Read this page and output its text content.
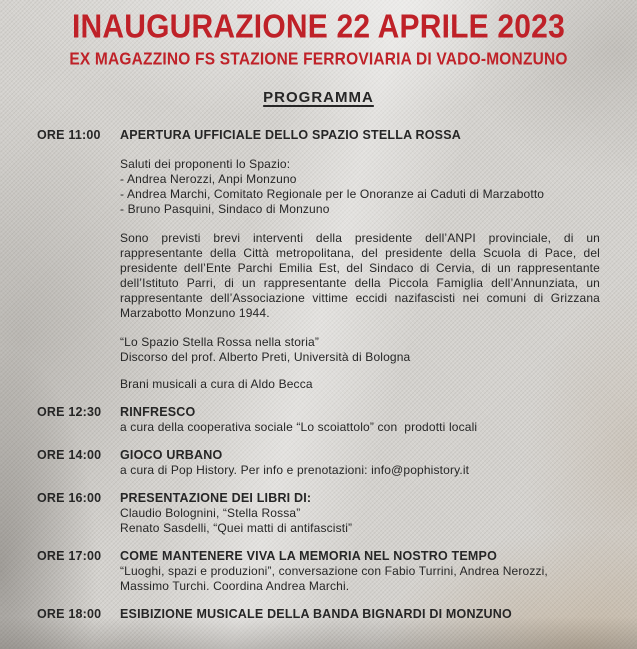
INAUGURAZIONE 22 APRILE 2023
EX MAGAZZINO FS STAZIONE FERROVIARIA DI VADO-MONZUNO
PROGRAMMA
ORE 11:00	APERTURA UFFICIALE DELLO SPAZIO STELLA ROSSA
Saluti dei proponenti lo Spazio:
- Andrea Nerozzi, Anpi Monzuno
- Andrea Marchi, Comitato Regionale per le Onoranze ai Caduti di Marzabotto
- Bruno Pasquini, Sindaco di Monzuno
Sono previsti brevi interventi della presidente dell’ANPI provinciale, di un rappresentante della Città metropolitana, del presidente della Scuola di Pace, del presidente dell’Ente Parchi Emilia Est, del Sindaco di Cervia, di un rappresentante dell’Istituto Parri, di un rappresentante della Piccola Famiglia dell’Annunziata, un rappresentante dell’Associazione vittime eccidi nazifascisti nei comuni di Grizzana Marzabotto Monzuno 1944.
“Lo Spazio Stella Rossa nella storia”
Discorso del prof. Alberto Preti, Università di Bologna
Brani musicali a cura di Aldo Becca
ORE 12:30	RINFRESCO
a cura della cooperativa sociale “Lo scoiattolo” con  prodotti locali
ORE 14:00	GIOCO URBANO
a cura di Pop History. Per info e prenotazioni: info@pophistory.it
ORE 16:00	PRESENTAZIONE DEI LIBRI DI:
Claudio Bolognini, “Stella Rossa”
Renato Sasdelli, “Quei matti di antifascisti”
ORE 17:00	COME MANTENERE VIVA LA MEMORIA NEL NOSTRO TEMPO
“Luoghi, spazi e produzioni”, conversazione con Fabio Turrini, Andrea Nerozzi, Massimo Turchi. Coordina Andrea Marchi.
ORE 18:00	ESIBIZIONE MUSICALE DELLA BANDA BIGNARDI DI MONZUNO
